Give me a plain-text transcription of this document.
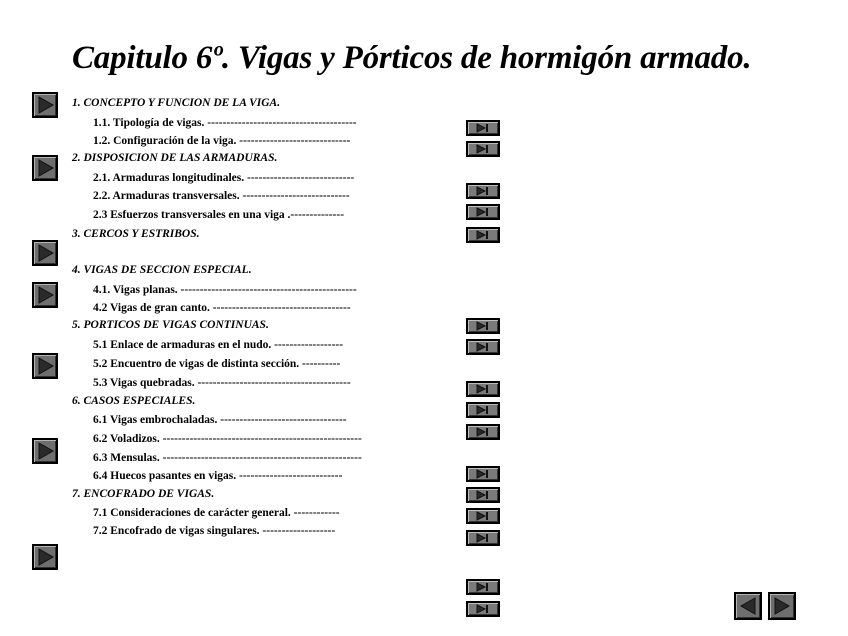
Capitulo 6º. Vigas y Pórticos de hormigón armado.
1. CONCEPTO Y FUNCION DE LA VIGA.
1.1. Tipología de vigas. ---------------------------------------
1.2. Configuración de la viga. -----------------------------
2. DISPOSICION DE LAS ARMADURAS.
2.1. Armaduras longitudinales. ----------------------------
2.2. Armaduras transversales. ----------------------------
2.3 Esfuerzos transversales en una viga .--------------
3. CERCOS Y ESTRIBOS.
4. VIGAS DE SECCION ESPECIAL.
4.1. Vigas planas. ----------------------------------------------
4.2 Vigas de gran canto. ------------------------------------
5. PORTICOS DE VIGAS CONTINUAS.
5.1 Enlace de armaduras en el nudo. ------------------
5.2 Encuentro de vigas de distinta sección. ----------
5.3 Vigas quebradas. ----------------------------------------
6. CASOS ESPECIALES.
6.1 Vigas embrochaladas. ---------------------------------
6.2 Voladizos. ----------------------------------------------------
6.3 Mensulas. ----------------------------------------------------
6.4 Huecos pasantes en vigas. ---------------------------
7. ENCOFRADO DE VIGAS.
7.1 Consideraciones de carácter general. ------------
7.2 Encofrado de vigas singulares. -------------------
